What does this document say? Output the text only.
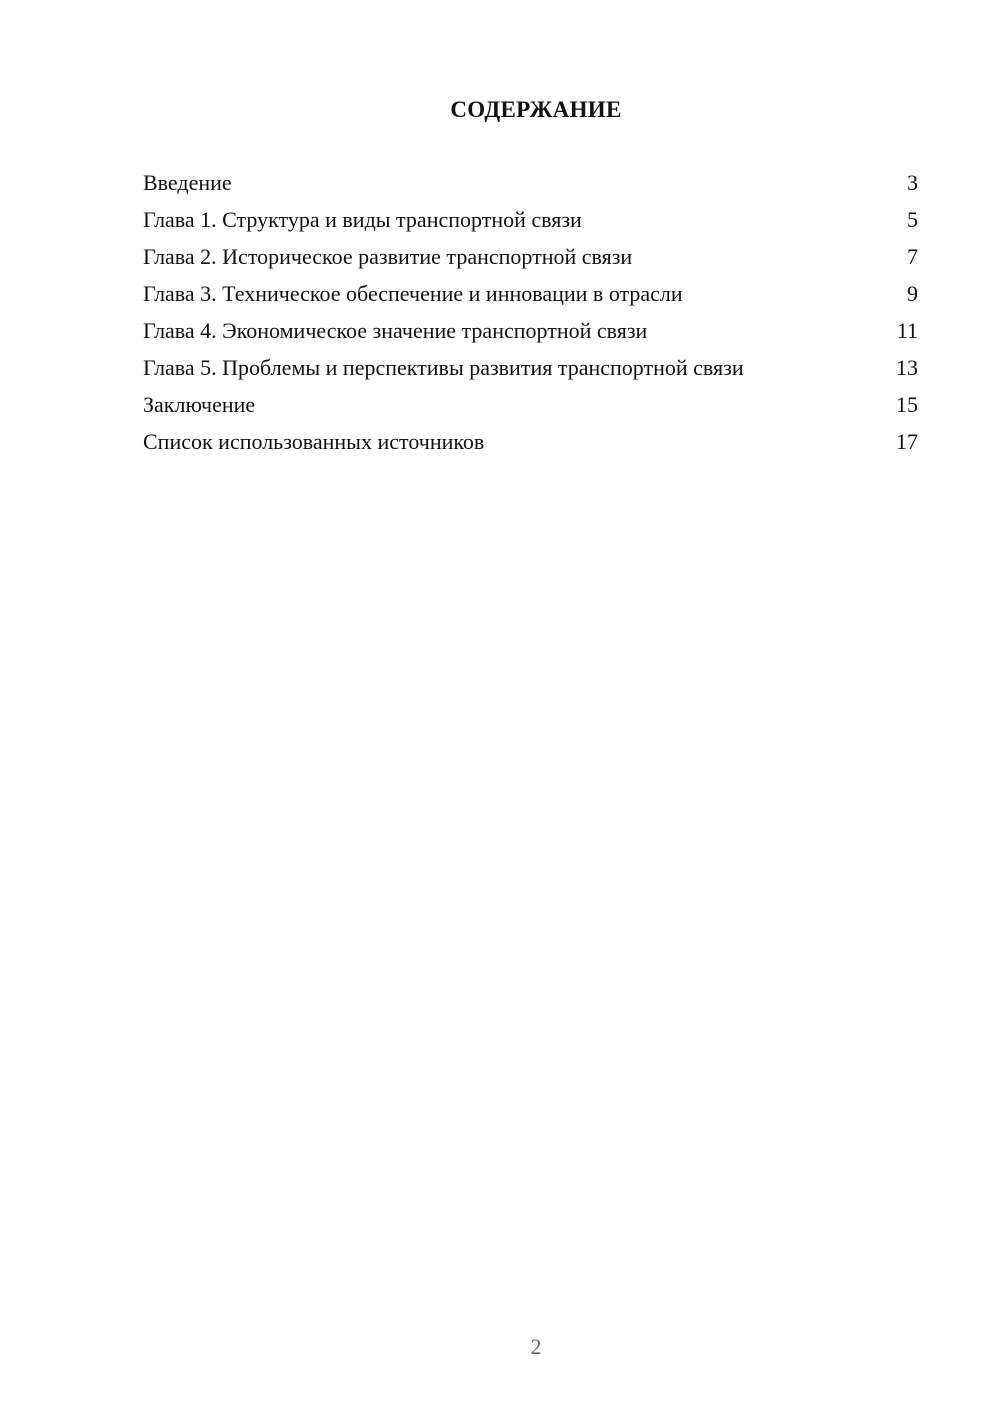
СОДЕРЖАНИЕ
Введение	3
Глава 1. Структура и виды транспортной связи	5
Глава 2. Историческое развитие транспортной связи	7
Глава 3. Техническое обеспечение и инновации в отрасли	9
Глава 4. Экономическое значение транспортной связи	11
Глава 5. Проблемы и перспективы развития транспортной связи	13
Заключение	15
Список использованных источников	17
2
